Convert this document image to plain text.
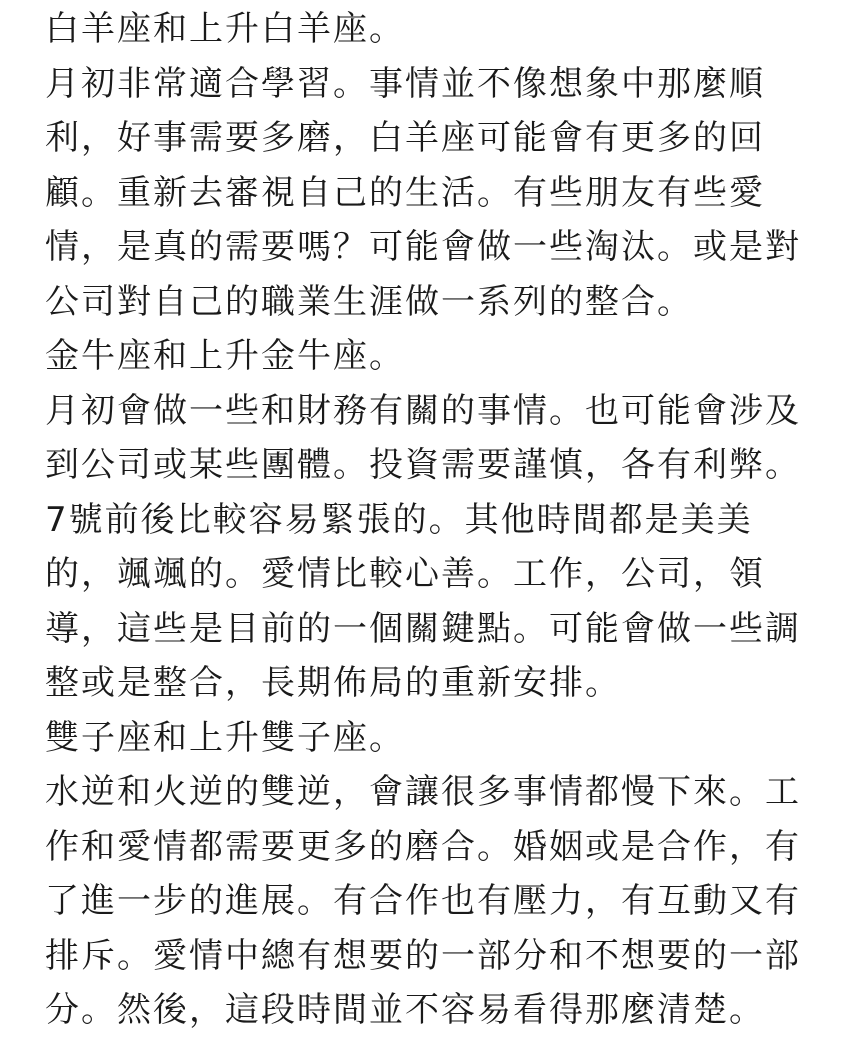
白羊座和上升白羊座。
月初非常適合學習。事情並不像想象中那麼順
利，好事需要多磨，白羊座可能會有更多的回
顧。重新去審視自己的生活。有些朋友有些愛
情，是真的需要嗎？可能會做一些淘汰。或是對
公司對自己的職業生涯做一系列的整合。
金牛座和上升金牛座。
月初會做一些和財務有關的事情。也可能會涉及
到公司或某些團體。投資需要謹慎，各有利弊。
7號前後比較容易緊張的。其他時間都是美美
的，颯颯的。愛情比較心善。工作，公司，領
導，這些是目前的一個關鍵點。可能會做一些調
整或是整合，長期佈局的重新安排。
雙子座和上升雙子座。
水逆和火逆的雙逆，會讓很多事情都慢下來。工
作和愛情都需要更多的磨合。婚姻或是合作，有
了進一步的進展。有合作也有壓力，有互動又有
排斥。愛情中總有想要的一部分和不想要的一部
分。然後，這段時間並不容易看得那麼清楚。
